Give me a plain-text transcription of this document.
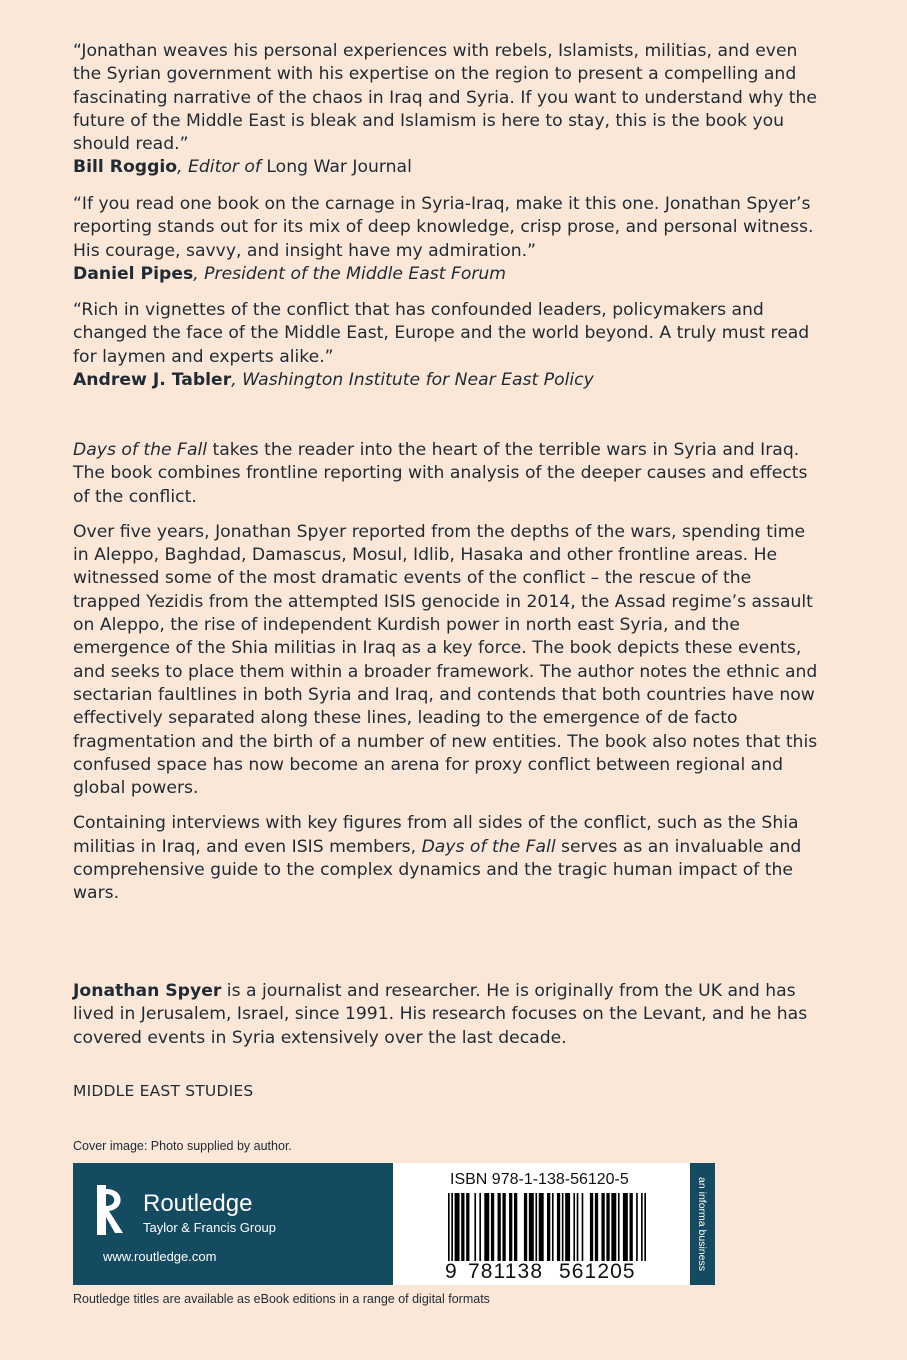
“Jonathan weaves his personal experiences with rebels, Islamists, militias, and even the Syrian government with his expertise on the region to present a compelling and fascinating narrative of the chaos in Iraq and Syria. If you want to understand why the future of the Middle East is bleak and Islamism is here to stay, this is the book you should read.”

Bill Roggio, Editor of Long War Journal

“If you read one book on the carnage in Syria-Iraq, make it this one. Jonathan Spyer’s reporting stands out for its mix of deep knowledge, crisp prose, and personal witness. His courage, savvy, and insight have my admiration.”

Daniel Pipes, President of the Middle East Forum

“Rich in vignettes of the conflict that has confounded leaders, policymakers and changed the face of the Middle East, Europe and the world beyond. A truly must read for laymen and experts alike.”

Andrew J. Tabler, Washington Institute for Near East Policy

Days of the Fall takes the reader into the heart of the terrible wars in Syria and Iraq. The book combines frontline reporting with analysis of the deeper causes and effects of the conflict.

Over five years, Jonathan Spyer reported from the depths of the wars, spending time in Aleppo, Baghdad, Damascus, Mosul, Idlib, Hasaka and other frontline areas. He witnessed some of the most dramatic events of the conflict – the rescue of the trapped Yezidis from the attempted ISIS genocide in 2014, the Assad regime’s assault on Aleppo, the rise of independent Kurdish power in north east Syria, and the emergence of the Shia militias in Iraq as a key force. The book depicts these events, and seeks to place them within a broader framework. The author notes the ethnic and sectarian faultlines in both Syria and Iraq, and contends that both countries have now effectively separated along these lines, leading to the emergence of de facto fragmentation and the birth of a number of new entities. The book also notes that this confused space has now become an arena for proxy conflict between regional and global powers.

Containing interviews with key figures from all sides of the conflict, such as the Shia militias in Iraq, and even ISIS members, Days of the Fall serves as an invaluable and comprehensive guide to the complex dynamics and the tragic human impact of the wars.

Jonathan Spyer is a journalist and researcher. He is originally from the UK and has lived in Jerusalem, Israel, since 1991. His research focuses on the Levant, and he has covered events in Syria extensively over the last decade.

MIDDLE EAST STUDIES
Cover image: Photo supplied by author.
Routledge
Taylor & Francis Group
www.routledge.com
ISBN 978-1-138-56120-5
9 781138 561205
an informa business
Routledge titles are available as eBook editions in a range of digital formats
